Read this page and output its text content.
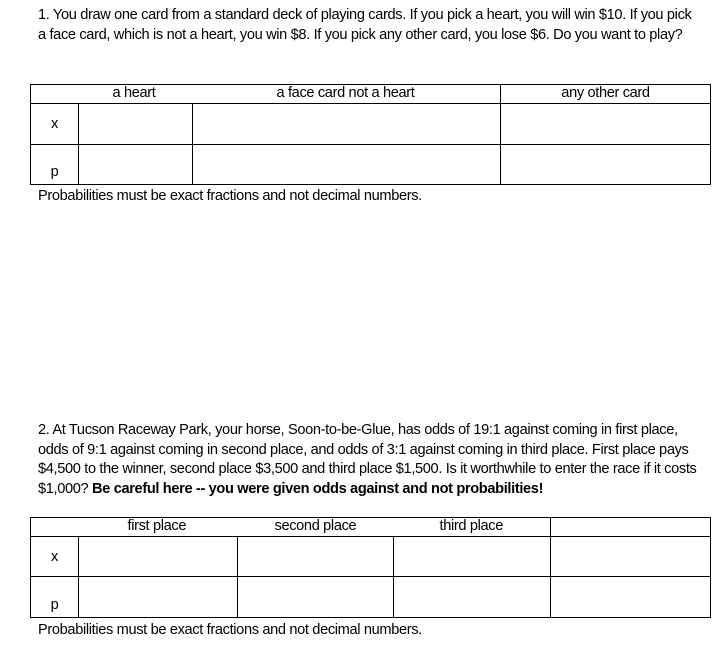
1. You draw one card from a standard deck of playing cards. If you pick a heart, you will win $10. If you pick a face card, which is not a heart, you win $8. If you pick any other card, you lose $6. Do you want to play?
	a heart	a face card not a heart	any other card
x			
p			
Probabilities must be exact fractions and not decimal numbers.
2. At Tucson Raceway Park, your horse, Soon-to-be-Glue, has odds of 19:1 against coming in first place, odds of 9:1 against coming in second place, and odds of 3:1 against coming in third place. First place pays $4,500 to the winner, second place $3,500 and third place $1,500. Is it worthwhile to enter the race if it costs $1,000? Be careful here -- you were given odds against and not probabilities!
	first place	second place	third place	
x				
p				
Probabilities must be exact fractions and not decimal numbers.
